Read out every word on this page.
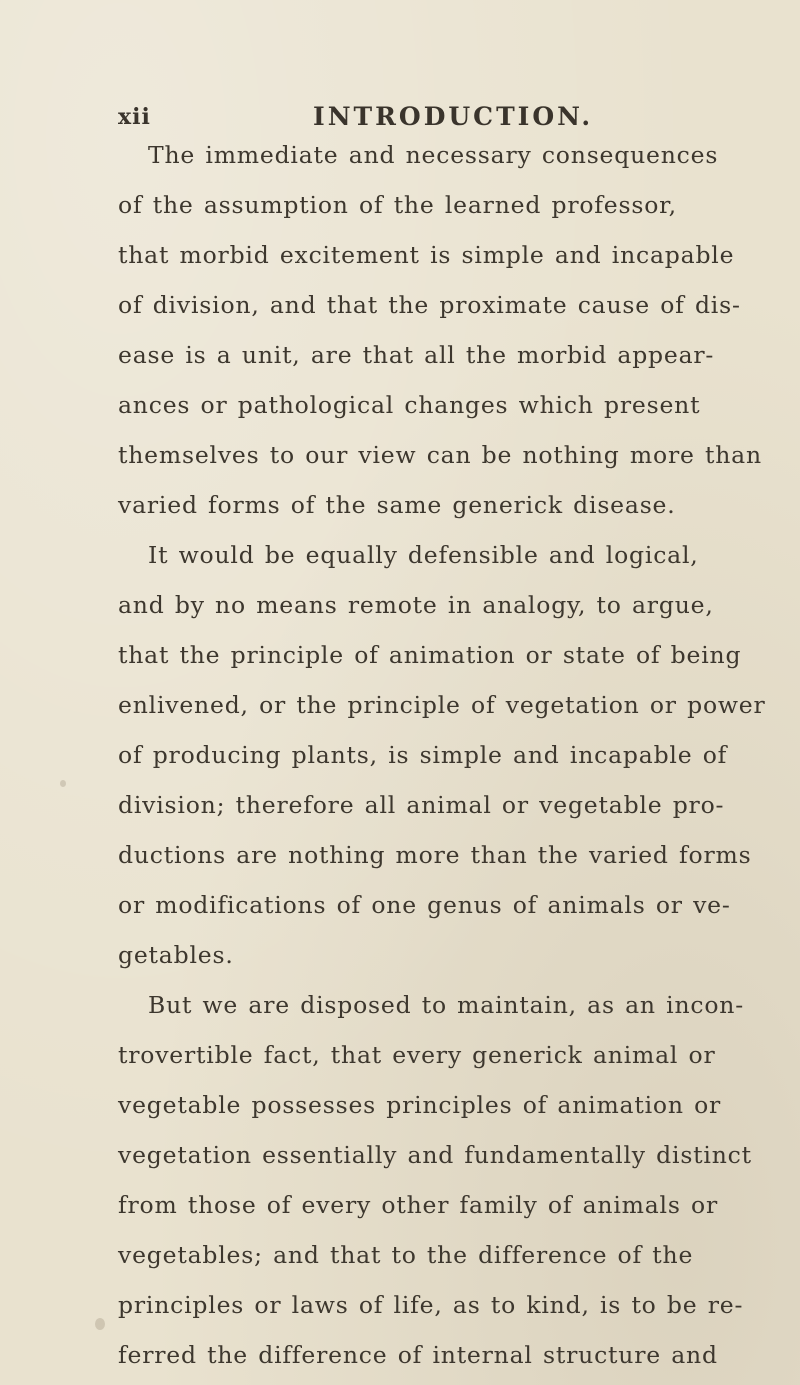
xii	INTRODUCTION.
The immediate and necessary consequences
of the assumption of the learned professor,
that morbid excitement is simple and incapable
of division, and that the proximate cause of dis-
ease is a unit, are that all the morbid appear-
ances or pathological changes which present
themselves to our view can be nothing more than
varied forms of the same generick disease.
It would be equally defensible and logical,
and by no means remote in analogy, to argue,
that the principle of animation or state of being
enlivened, or the principle of vegetation or power
of producing plants, is simple and incapable of
division; therefore all animal or vegetable pro-
ductions are nothing more than the varied forms
or modifications of one genus of animals or ve-
getables.
But we are disposed to maintain, as an incon-
trovertible fact, that every generick animal or
vegetable possesses principles of animation or
vegetation essentially and fundamentally distinct
from those of every other family of animals or
vegetables; and that to the difference of the
principles or laws of life, as to kind, is to be re-
ferred the difference of internal structure and
